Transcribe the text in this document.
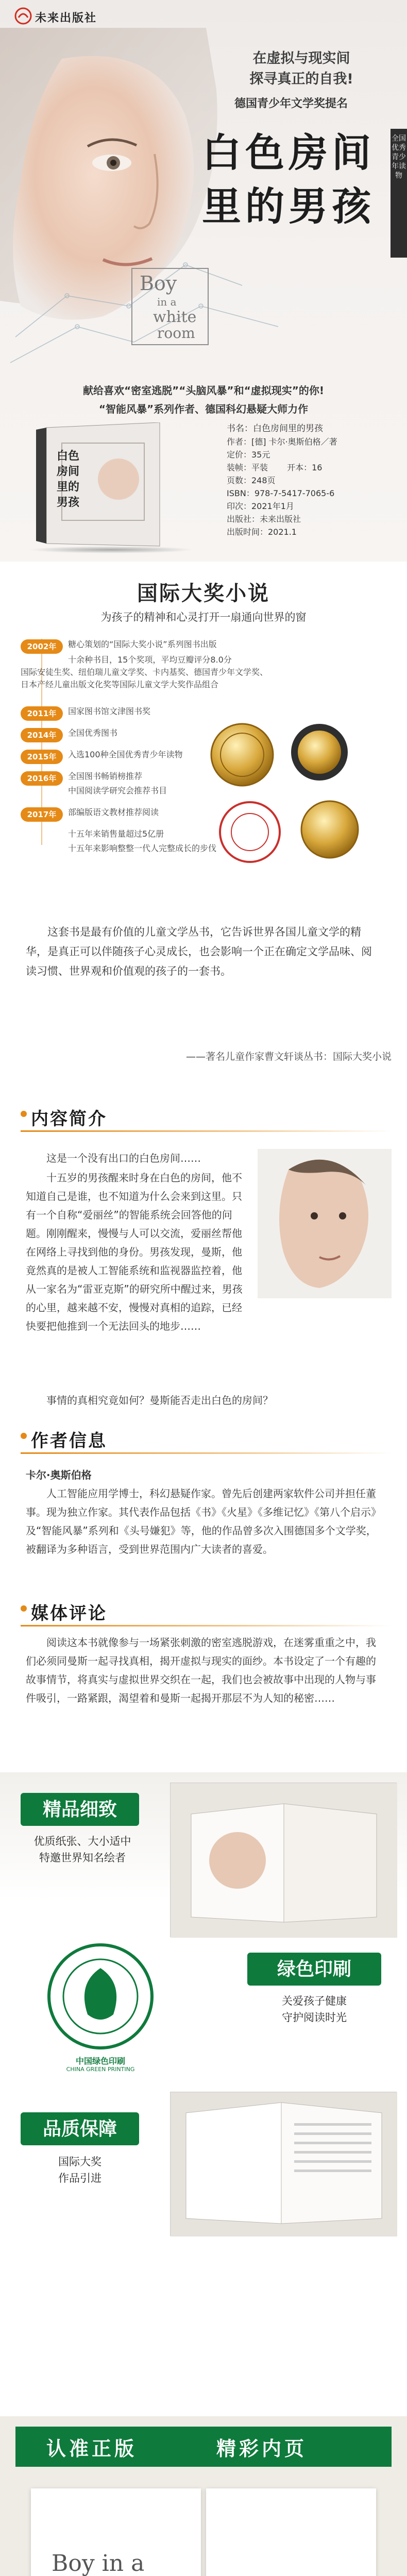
未来出版社
在虚拟与现实间
探寻真正的自我!
德国青少年文学奖提名
白色房间
里的男孩
全国优秀青少年读物
Boy
in a
white
room
献给喜欢“密室逃脱”“头脑风暴”和“虚拟现实”的你!
“智能风暴”系列作者、德国科幻悬疑大师力作
白色
房间
里的
男孩
书名：白色房间里的男孩
作者：[德] 卡尔·奥斯伯格／著
定价：35元
装帧：平装 　　开本：16
页数：248页
ISBN：978-7-5417-7065-6
印次：2021年1月
出版社：未来出版社
出版时间：2021.1
国际大奖小说
为孩子的精神和心灵打开一扇通向世界的窗
2002年	糖心策划的“国际大奖小说”系列图书出版
十余种书目，15个奖项，平均豆瓣评分8.0分
国际安徒生奖、纽伯瑞儿童文学奖、卡内基奖、德国青少年文学奖、
日本产经儿童出版文化奖等国际儿童文学大奖作品组合
2011年	国家图书馆文津图书奖
2014年	全国优秀图书
2015年	入选100种全国优秀青少年读物
2016年	全国图书畅销榜推荐
中国阅读学研究会推荐书目
2017年	部编版语文教材推荐阅读
十五年来销售量超过5亿册
十五年来影响整整一代人完整成长的步伐
这套书是最有价值的儿童文学丛书，它告诉世界各国儿童文学的精华，是真正可以伴随孩子心灵成长，也会影响一个正在确定文学品味、阅读习惯、世界观和价值观的孩子的一套书。
——著名儿童作家曹文轩谈丛书：国际大奖小说
内容简介

这是一个没有出口的白色房间……

十五岁的男孩醒来时身在白色的房间，他不知道自己是谁，也不知道为什么会来到这里。只有一个自称“爱丽丝”的智能系统会回答他的问题。刚刚醒来，慢慢与人可以交流，爱丽丝帮他在网络上寻找到他的身份。男孩发现，曼斯，他竟然真的是被人工智能系统和监视器监控着，他从一家名为“雷亚克斯”的研究所中醒过来，男孩的心里，越来越不安，慢慢对真相的追踪，已经快要把他推到一个无法回头的地步……

事情的真相究竟如何？曼斯能否走出白色的房间？

作者信息

卡尔·奥斯伯格

人工智能应用学博士，科幻悬疑作家。曾先后创建两家软件公司并担任董事。现为独立作家。其代表作品包括《书》《火星》《多维记忆》《第八个启示》及“智能风暴”系列和《头号嫌犯》等，他的作品曾多次入围德国多个文学奖，被翻译为多种语言，受到世界范围内广大读者的喜爱。

媒体评论

阅读这本书就像参与一场紧张刺激的密室逃脱游戏，在迷雾重重之中，我们必须同曼斯一起寻找真相，揭开虚拟与现实的面纱。本书设定了一个有趣的故事情节，将真实与虚拟世界交织在一起，我们也会被故事中出现的人物与事件吸引，一路紧跟，渴望着和曼斯一起揭开那层不为人知的秘密……

精品细致
优质纸张、大小适中
特邀世界知名绘者
绿色印刷
关爱孩子健康
守护阅读时光
中国绿色印刷
CHINA GREEN PRINTING
品质保障
国际大奖
作品引进
认准正版	精彩内页
Boy in a
